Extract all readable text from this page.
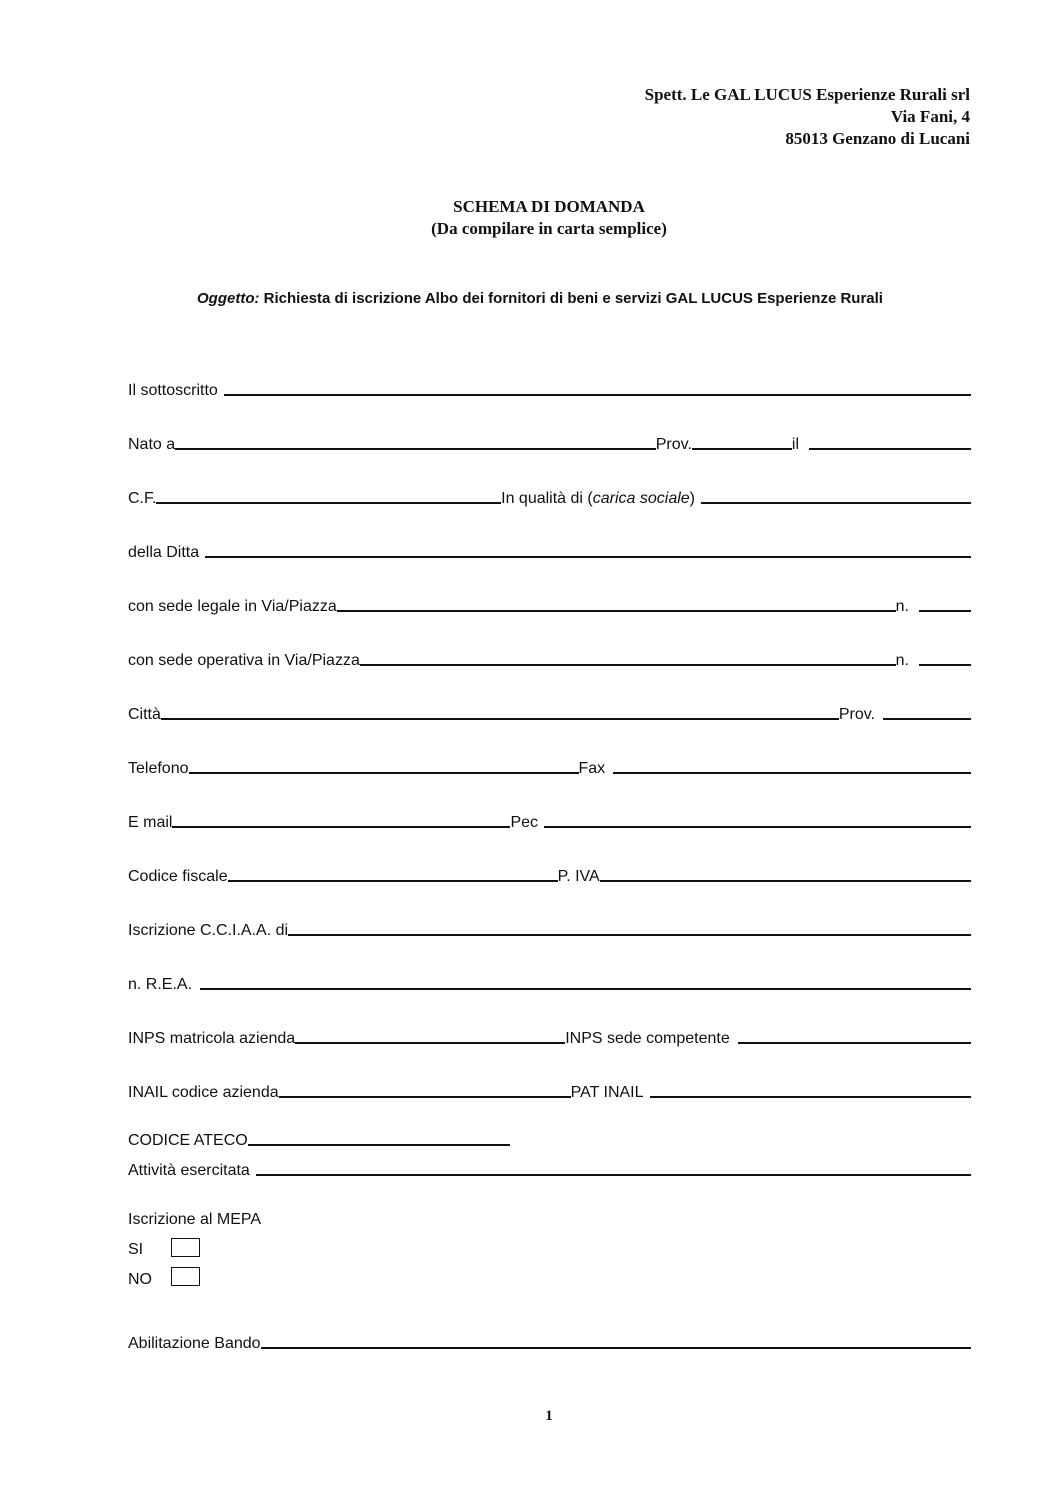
Spett. Le GAL LUCUS Esperienze Rurali srl
Via Fani, 4
85013 Genzano di Lucani
SCHEMA DI DOMANDA
(Da compilare in carta semplice)
Oggetto: Richiesta di iscrizione Albo dei fornitori di beni e servizi GAL LUCUS Esperienze Rurali
Il sottoscritto
Nato a	Prov.	il
C.F.	In qualità di (carica sociale)
della Ditta
con sede legale in Via/Piazza	n.
con sede operativa in Via/Piazza	n.
Città	Prov.
Telefono	Fax
E mail	Pec
Codice fiscale	P. IVA
Iscrizione C.C.I.A.A. di
n. R.E.A.
INPS matricola azienda	INPS sede competente
INAIL codice azienda	PAT INAIL
CODICE ATECO
Attività esercitata
Iscrizione al MEPA
SI
NO
Abilitazione Bando
1
